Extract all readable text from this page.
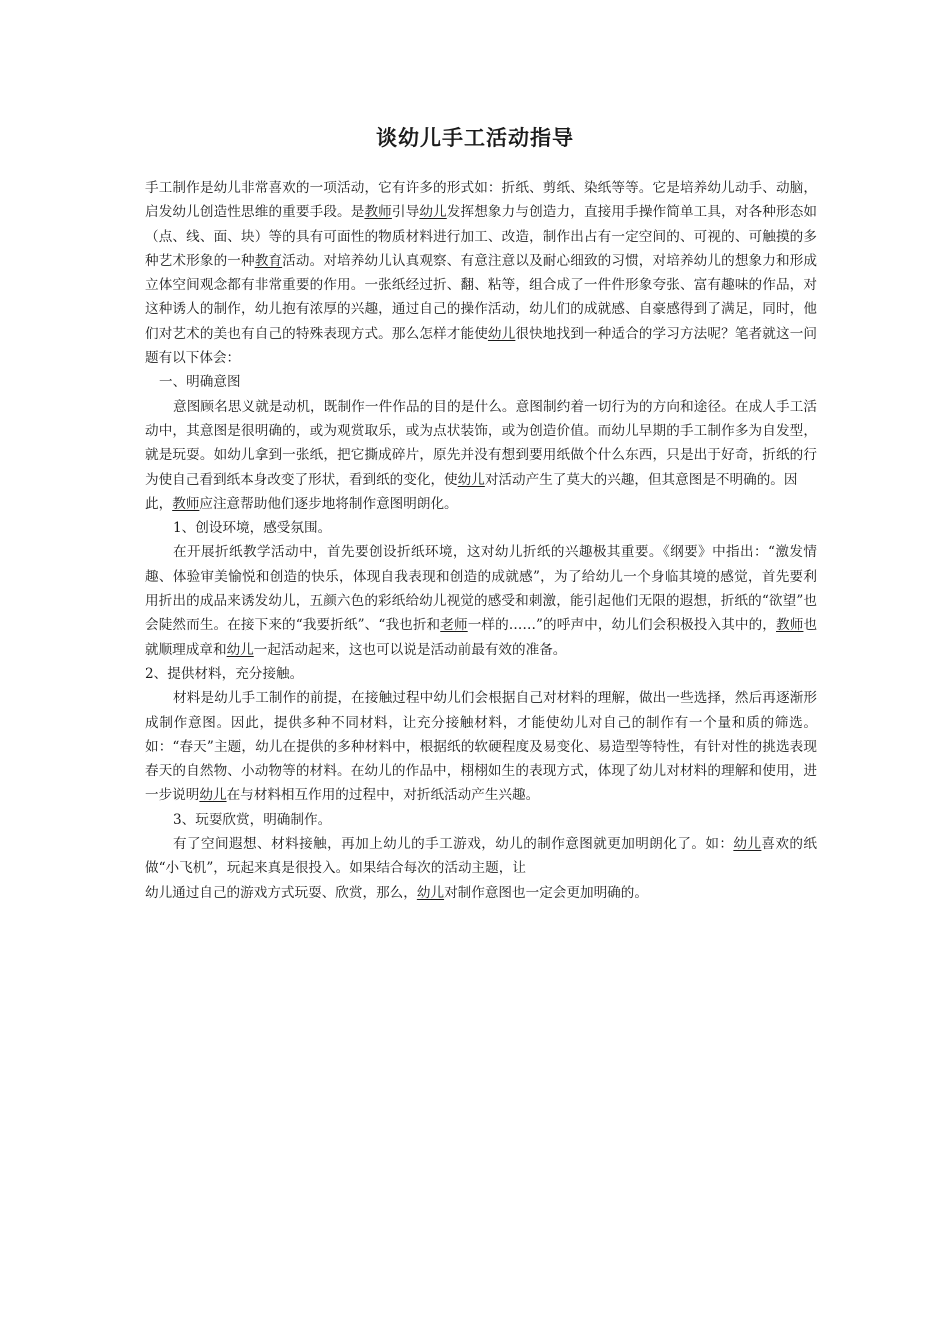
谈幼儿手工活动指导

手工制作是幼儿非常喜欢的一项活动，它有许多的形式如：折纸、剪纸、染纸等等。它是培养幼儿动手、动脑，启发幼儿创造性思维的重要手段。是教师引导幼儿发挥想象力与创造力，直接用手操作简单工具，对各种形态如（点、线、面、块）等的具有可面性的物质材料进行加工、改造，制作出占有一定空间的、可视的、可触摸的多种艺术形象的一种教育活动。对培养幼儿认真观察、有意注意以及耐心细致的习惯，对培养幼儿的想象力和形成立体空间观念都有非常重要的作用。一张纸经过折、翻、粘等，组合成了一件件形象夸张、富有趣味的作品，对这种诱人的制作，幼儿抱有浓厚的兴趣，通过自己的操作活动，幼儿们的成就感、自豪感得到了满足，同时，他们对艺术的美也有自己的特殊表现方式。那么怎样才能使幼儿很快地找到一种适合的学习方法呢？笔者就这一问题有以下体会：

一、明确意图

意图顾名思义就是动机，既制作一件作品的目的是什么。意图制约着一切行为的方向和途径。在成人手工活动中，其意图是很明确的，或为观赏取乐，或为点状装饰，或为创造价值。而幼儿早期的手工制作多为自发型，就是玩耍。如幼儿拿到一张纸，把它撕成碎片，原先并没有想到要用纸做个什么东西，只是出于好奇，折纸的行为使自己看到纸本身改变了形状，看到纸的变化，使幼儿对活动产生了莫大的兴趣，但其意图是不明确的。因

此，教师应注意帮助他们逐步地将制作意图明朗化。

1、创设环境，感受氛围。

在开展折纸教学活动中，首先要创设折纸环境，这对幼儿折纸的兴趣极其重要。《纲要》中指出：“激发情趣、体验审美愉悦和创造的快乐，体现自我表现和创造的成就感”，为了给幼儿一个身临其境的感觉，首先要利用折出的成品来诱发幼儿，五颜六色的彩纸给幼儿视觉的感受和刺激，能引起他们无限的遐想，折纸的“欲望”也会陡然而生。在接下来的“我要折纸”、“我也折和老师一样的……”的呼声中，幼儿们会积极投入其中的，教师也就顺理成章和幼儿一起活动起来，这也可以说是活动前最有效的准备。

2、提供材料，充分接触。

材料是幼儿手工制作的前提，在接触过程中幼儿们会根据自己对材料的理解，做出一些选择，然后再逐渐形成制作意图。因此，提供多种不同材料，让充分接触材料，才能使幼儿对自己的制作有一个量和质的筛选。如：“春天”主题，幼儿在提供的多种材料中，根据纸的软硬程度及易变化、易造型等特性，有针对性的挑选表现春天的自然物、小动物等的材料。在幼儿的作品中，栩栩如生的表现方式，体现了幼儿对材料的理解和使用，进一步说明幼儿在与材料相互作用的过程中，对折纸活动产生兴趣。

3、玩耍欣赏，明确制作。

有了空间遐想、材料接触，再加上幼儿的手工游戏，幼儿的制作意图就更加明朗化了。如：幼儿喜欢的纸做“小飞机”，玩起来真是很投入。如果结合每次的活动主题，让

幼儿通过自己的游戏方式玩耍、欣赏，那么，幼儿对制作意图也一定会更加明确的。
